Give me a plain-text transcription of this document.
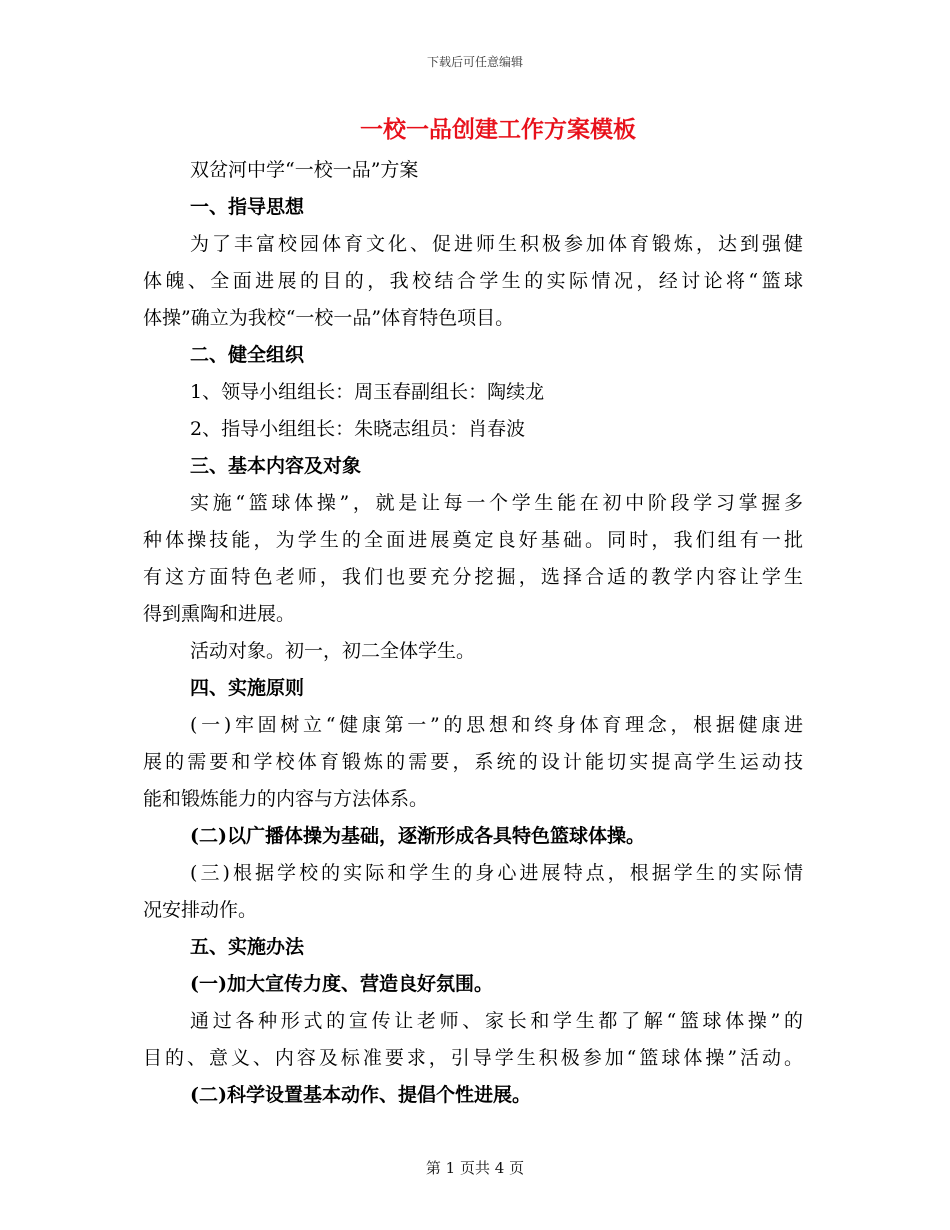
下载后可任意编辑
一校一品创建工作方案模板

双岔河中学“一校一品”方案

一、指导思想

为了丰富校园体育文化、促进师生积极参加体育锻炼，达到强健

体魄、全面进展的目的，我校结合学生的实际情况，经讨论将“篮球

体操”确立为我校“一校一品”体育特色项目。

二、健全组织

1、领导小组组长：周玉春副组长：陶续龙

2、指导小组组长：朱晓志组员：肖春波

三、基本内容及对象

实施“篮球体操”，就是让每一个学生能在初中阶段学习掌握多

种体操技能，为学生的全面进展奠定良好基础。同时，我们组有一批

有这方面特色老师，我们也要充分挖掘，选择合适的教学内容让学生

得到熏陶和进展。

活动对象。初一，初二全体学生。

四、实施原则

(一)牢固树立“健康第一”的思想和终身体育理念，根据健康进

展的需要和学校体育锻炼的需要，系统的设计能切实提高学生运动技

能和锻炼能力的内容与方法体系。

(二)以广播体操为基础，逐渐形成各具特色篮球体操。

(三)根据学校的实际和学生的身心进展特点，根据学生的实际情

况安排动作。

五、实施办法

(一)加大宣传力度、营造良好氛围。

通过各种形式的宣传让老师、家长和学生都了解“篮球体操”的

目的、意义、内容及标准要求，引导学生积极参加“篮球体操”活动。

(二)科学设置基本动作、提倡个性进展。

第 1 页共 4 页
